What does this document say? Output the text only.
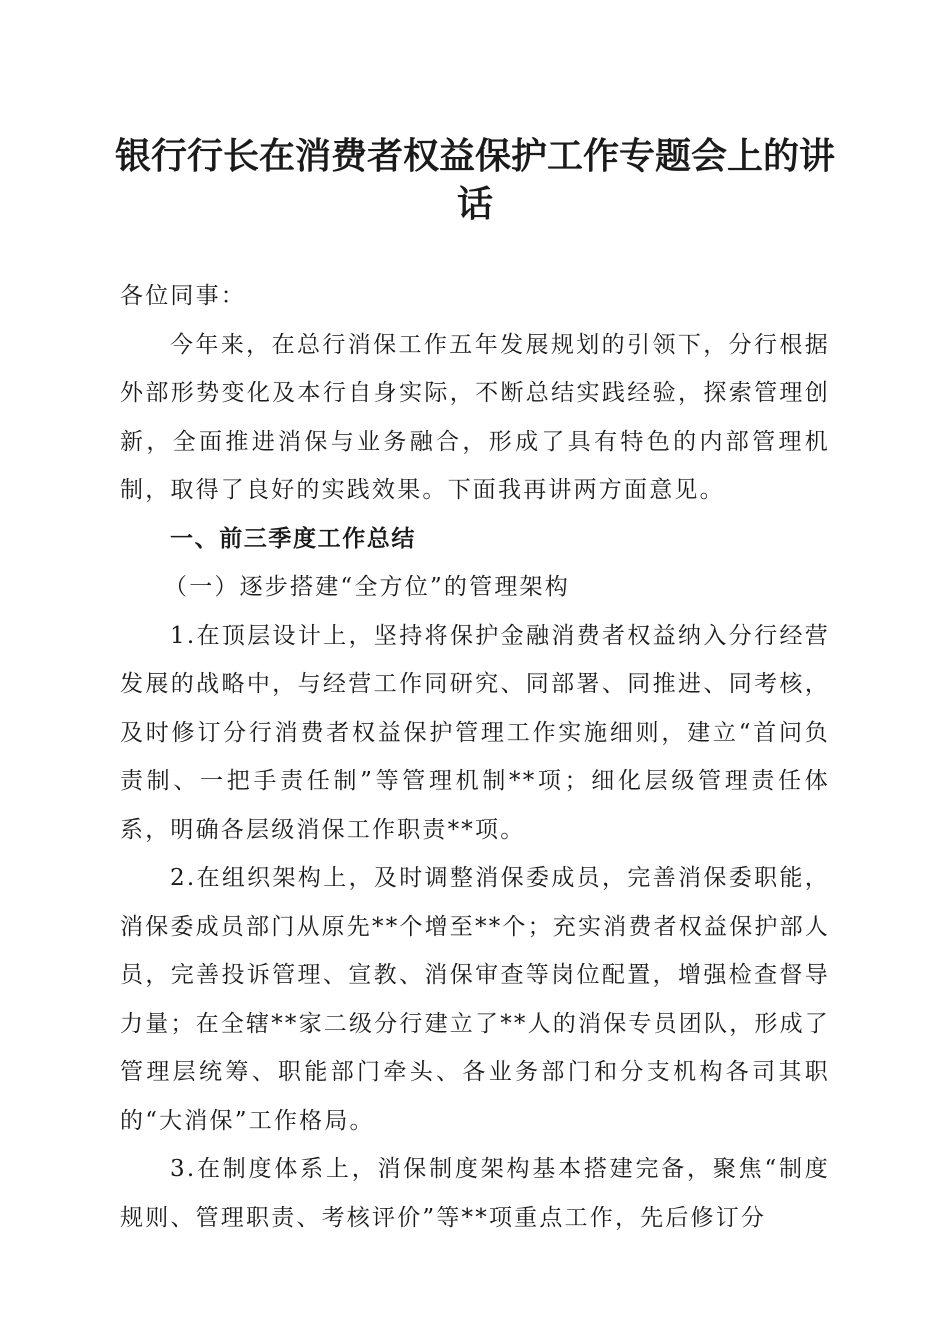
银行行长在消费者权益保护工作专题会上的讲话

各位同事：

今年来，在总行消保工作五年发展规划的引领下，分行根据外部形势变化及本行自身实际，不断总结实践经验，探索管理创新，全面推进消保与业务融合，形成了具有特色的内部管理机制，取得了良好的实践效果。下面我再讲两方面意见。

一、前三季度工作总结

（一）逐步搭建“全方位”的管理架构

1.在顶层设计上，坚持将保护金融消费者权益纳入分行经营发展的战略中，与经营工作同研究、同部署、同推进、同考核，及时修订分行消费者权益保护管理工作实施细则，建立“首问负责制、一把手责任制”等管理机制**项；细化层级管理责任体系，明确各层级消保工作职责**项。

2.在组织架构上，及时调整消保委成员，完善消保委职能，消保委成员部门从原先**个增至**个；充实消费者权益保护部人员，完善投诉管理、宣教、消保审查等岗位配置，增强检查督导力量；在全辖**家二级分行建立了**人的消保专员团队，形成了管理层统筹、职能部门牵头、各业务部门和分支机构各司其职的“大消保”工作格局。

3.在制度体系上，消保制度架构基本搭建完备，聚焦“制度规则、管理职责、考核评价”等**项重点工作，先后修订分
